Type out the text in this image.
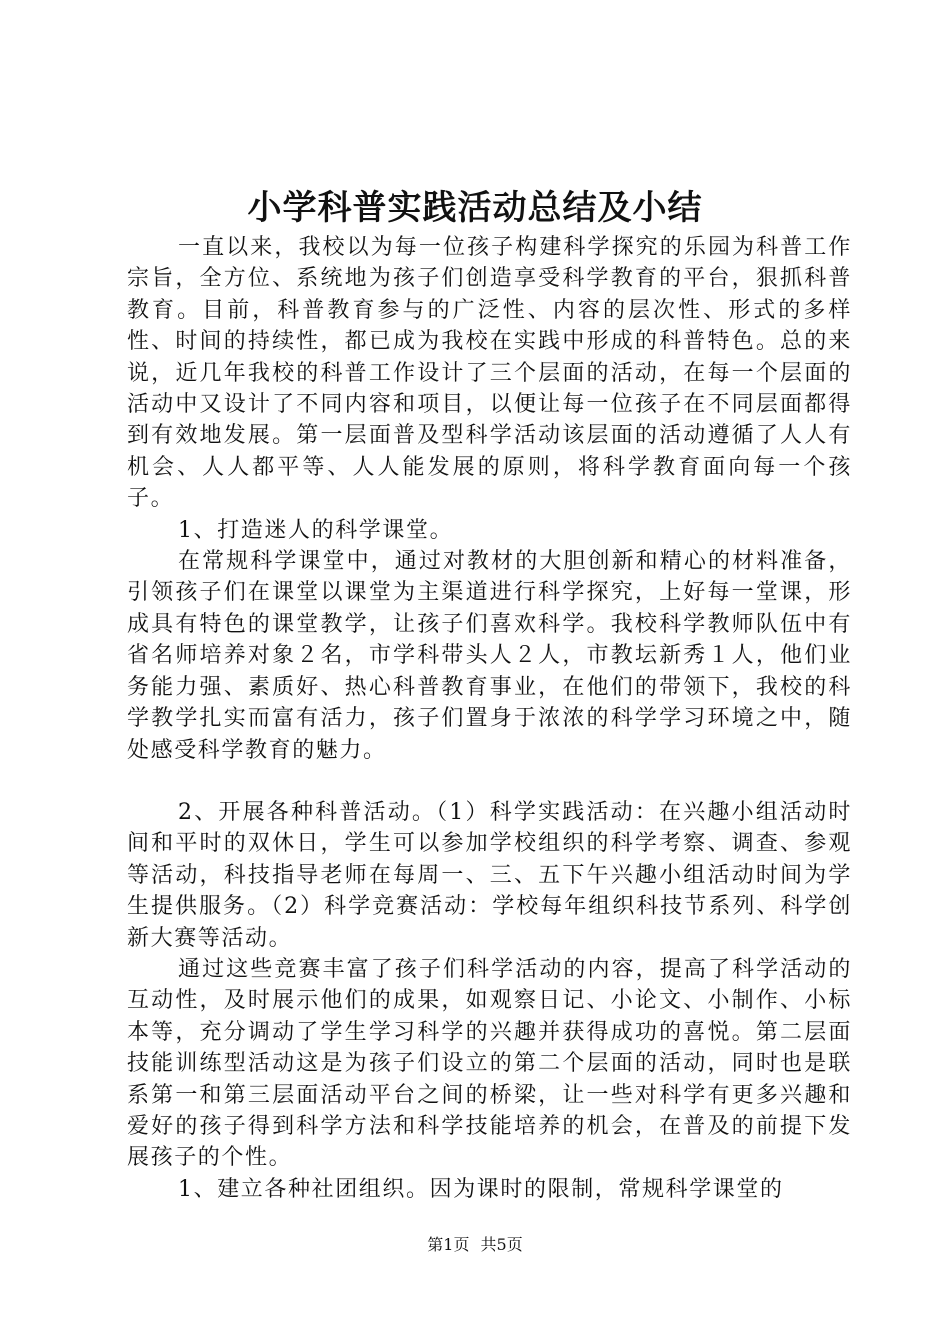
小学科普实践活动总结及小结

一直以来，我校以为每一位孩子构建科学探究的乐园为科普工作宗旨，全方位、系统地为孩子们创造享受科学教育的平台，狠抓科普教育。目前，科普教育参与的广泛性、内容的层次性、形式的多样性、时间的持续性，都已成为我校在实践中形成的科普特色。总的来说，近几年我校的科普工作设计了三个层面的活动，在每一个层面的活动中又设计了不同内容和项目，以便让每一位孩子在不同层面都得到有效地发展。第一层面普及型科学活动该层面的活动遵循了人人有机会、人人都平等、人人能发展的原则，将科学教育面向每一个孩子。

1、打造迷人的科学课堂。

在常规科学课堂中，通过对教材的大胆创新和精心的材料准备，引领孩子们在课堂以课堂为主渠道进行科学探究，上好每一堂课，形成具有特色的课堂教学，让孩子们喜欢科学。我校科学教师队伍中有省名师培养对象２名，市学科带头人２人，市教坛新秀１人，他们业务能力强、素质好、热心科普教育事业，在他们的带领下，我校的科学教学扎实而富有活力，孩子们置身于浓浓的科学学习环境之中，随处感受科学教育的魅力。

2、开展各种科普活动。（1）科学实践活动：在兴趣小组活动时间和平时的双休日，学生可以参加学校组织的科学考察、调查、参观等活动，科技指导老师在每周一、三、五下午兴趣小组活动时间为学生提供服务。（2）科学竞赛活动：学校每年组织科技节系列、科学创新大赛等活动。

通过这些竞赛丰富了孩子们科学活动的内容，提高了科学活动的互动性，及时展示他们的成果，如观察日记、小论文、小制作、小标本等，充分调动了学生学习科学的兴趣并获得成功的喜悦。第二层面技能训练型活动这是为孩子们设立的第二个层面的活动，同时也是联系第一和第三层面活动平台之间的桥梁，让一些对科学有更多兴趣和爱好的孩子得到科学方法和科学技能培养的机会，在普及的前提下发展孩子的个性。

1、建立各种社团组织。因为课时的限制，常规科学课堂的

第1页 共5页
